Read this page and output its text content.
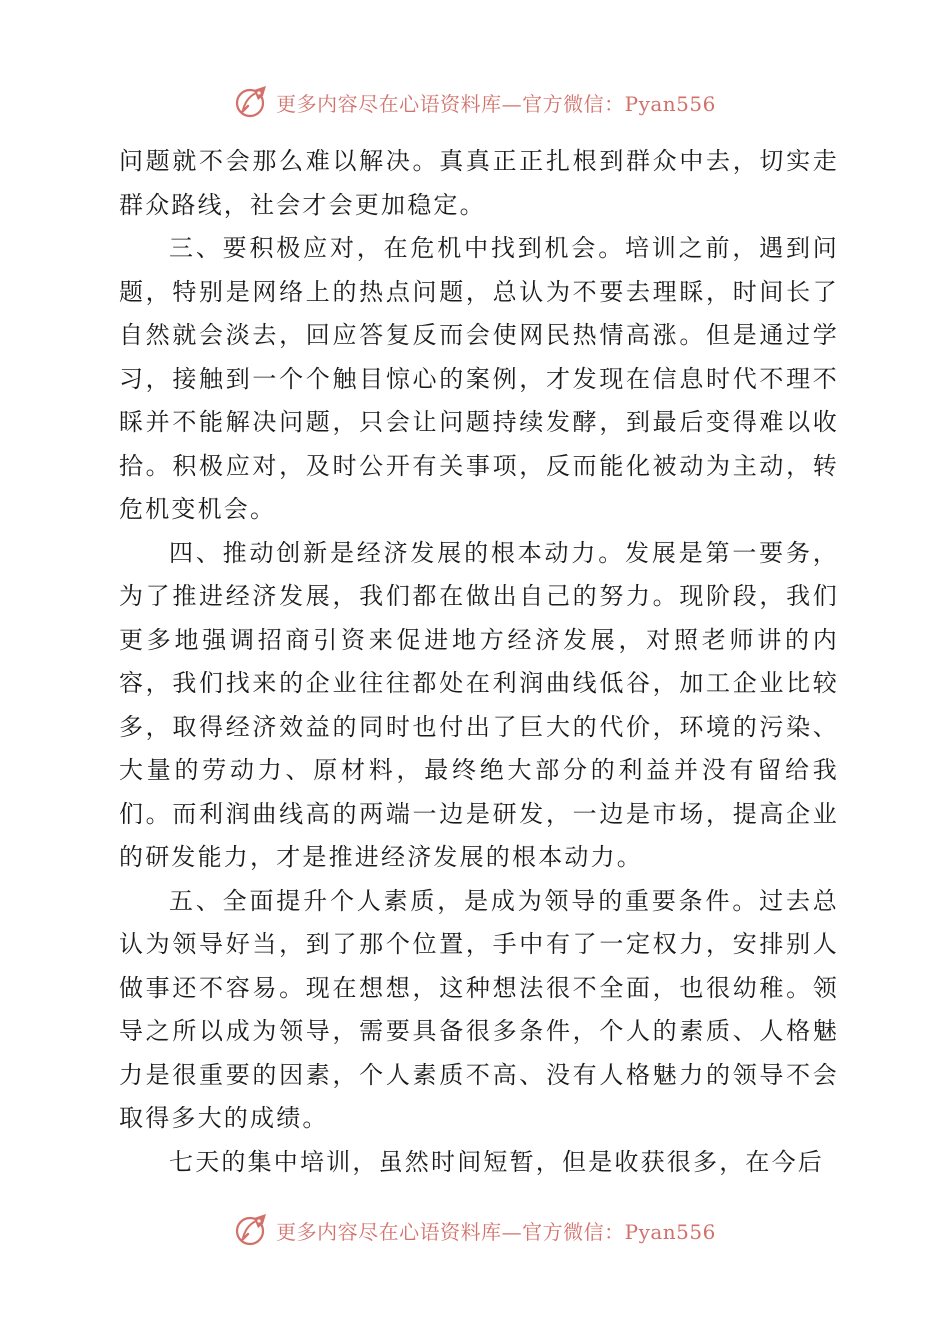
更多内容尽在心语资料库—官方微信：Pyan556

问题就不会那么难以解决。真真正正扎根到群众中去，切实走群众路线，社会才会更加稳定。

三、要积极应对，在危机中找到机会。培训之前，遇到问题，特别是网络上的热点问题，总认为不要去理睬，时间长了自然就会淡去，回应答复反而会使网民热情高涨。但是通过学习，接触到一个个触目惊心的案例，才发现在信息时代不理不睬并不能解决问题，只会让问题持续发酵，到最后变得难以收拾。积极应对，及时公开有关事项，反而能化被动为主动，转危机变机会。

四、推动创新是经济发展的根本动力。发展是第一要务，为了推进经济发展，我们都在做出自己的努力。现阶段，我们更多地强调招商引资来促进地方经济发展，对照老师讲的内容，我们找来的企业往往都处在利润曲线低谷，加工企业比较多，取得经济效益的同时也付出了巨大的代价，环境的污染、大量的劳动力、原材料，最终绝大部分的利益并没有留给我们。而利润曲线高的两端一边是研发，一边是市场，提高企业的研发能力，才是推进经济发展的根本动力。

五、全面提升个人素质，是成为领导的重要条件。过去总认为领导好当，到了那个位置，手中有了一定权力，安排别人做事还不容易。现在想想，这种想法很不全面，也很幼稚。领导之所以成为领导，需要具备很多条件，个人的素质、人格魅力是很重要的因素，个人素质不高、没有人格魅力的领导不会取得多大的成绩。

七天的集中培训，虽然时间短暂，但是收获很多，在今后

更多内容尽在心语资料库—官方微信：Pyan556
